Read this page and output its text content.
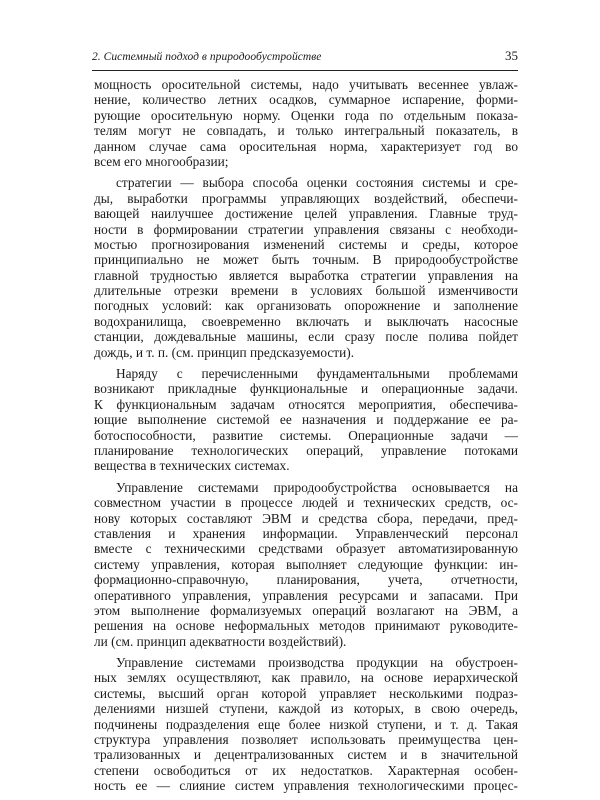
2. Системный подход в природообустройстве	35
мощность оросительной системы, надо учитывать весеннее увлаж-
нение, количество летних осадков, суммарное испарение, форми-
рующие оросительную норму. Оценки года по отдельным показа-
телям могут не совпадать, и только интегральный показатель, в
данном случае сама оросительная норма, характеризует год во
всем его многообразии;
стратегии — выбора способа оценки состояния системы и сре-
ды, выработки программы управляющих воздействий, обеспечи-
вающей наилучшее достижение целей управления. Главные труд-
ности в формировании стратегии управления связаны с необходи-
мостью прогнозирования изменений системы и среды, которое
принципиально не может быть точным. В природообустройстве
главной трудностью является выработка стратегии управления на
длительные отрезки времени в условиях большой изменчивости
погодных условий: как организовать опорожнение и заполнение
водохранилища, своевременно включать и выключать насосные
станции, дождевальные машины, если сразу после полива пойдет
дождь, и т. п. (см. принцип предсказуемости).
Наряду с перечисленными фундаментальными проблемами
возникают прикладные функциональные и операционные задачи.
К функциональным задачам относятся мероприятия, обеспечива-
ющие выполнение системой ее назначения и поддержание ее ра-
ботоспособности, развитие системы. Операционные задачи —
планирование технологических операций, управление потоками
вещества в технических системах.
Управление системами природообустройства основывается на
совместном участии в процессе людей и технических средств, ос-
нову которых составляют ЭВМ и средства сбора, передачи, пред-
ставления и хранения информации. Управленческий персонал
вместе с техническими средствами образует автоматизированную
систему управления, которая выполняет следующие функции: ин-
формационно-справочную, планирования, учета, отчетности,
оперативного управления, управления ресурсами и запасами. При
этом выполнение формализуемых операций возлагают на ЭВМ, а
решения на основе неформальных методов принимают руководите-
ли (см. принцип адекватности воздействий).
Управление системами производства продукции на обустроен-
ных землях осуществляют, как правило, на основе иерархической
системы, высший орган которой управляет несколькими подраз-
делениями низшей ступени, каждой из которых, в свою очередь,
подчинены подразделения еще более низкой ступени, и т. д. Такая
структура управления позволяет использовать преимущества цен-
трализованных и децентрализованных систем и в значительной
степени освободиться от их недостатков. Характерная особен-
ность ее — слияние систем управления технологическими процес-
